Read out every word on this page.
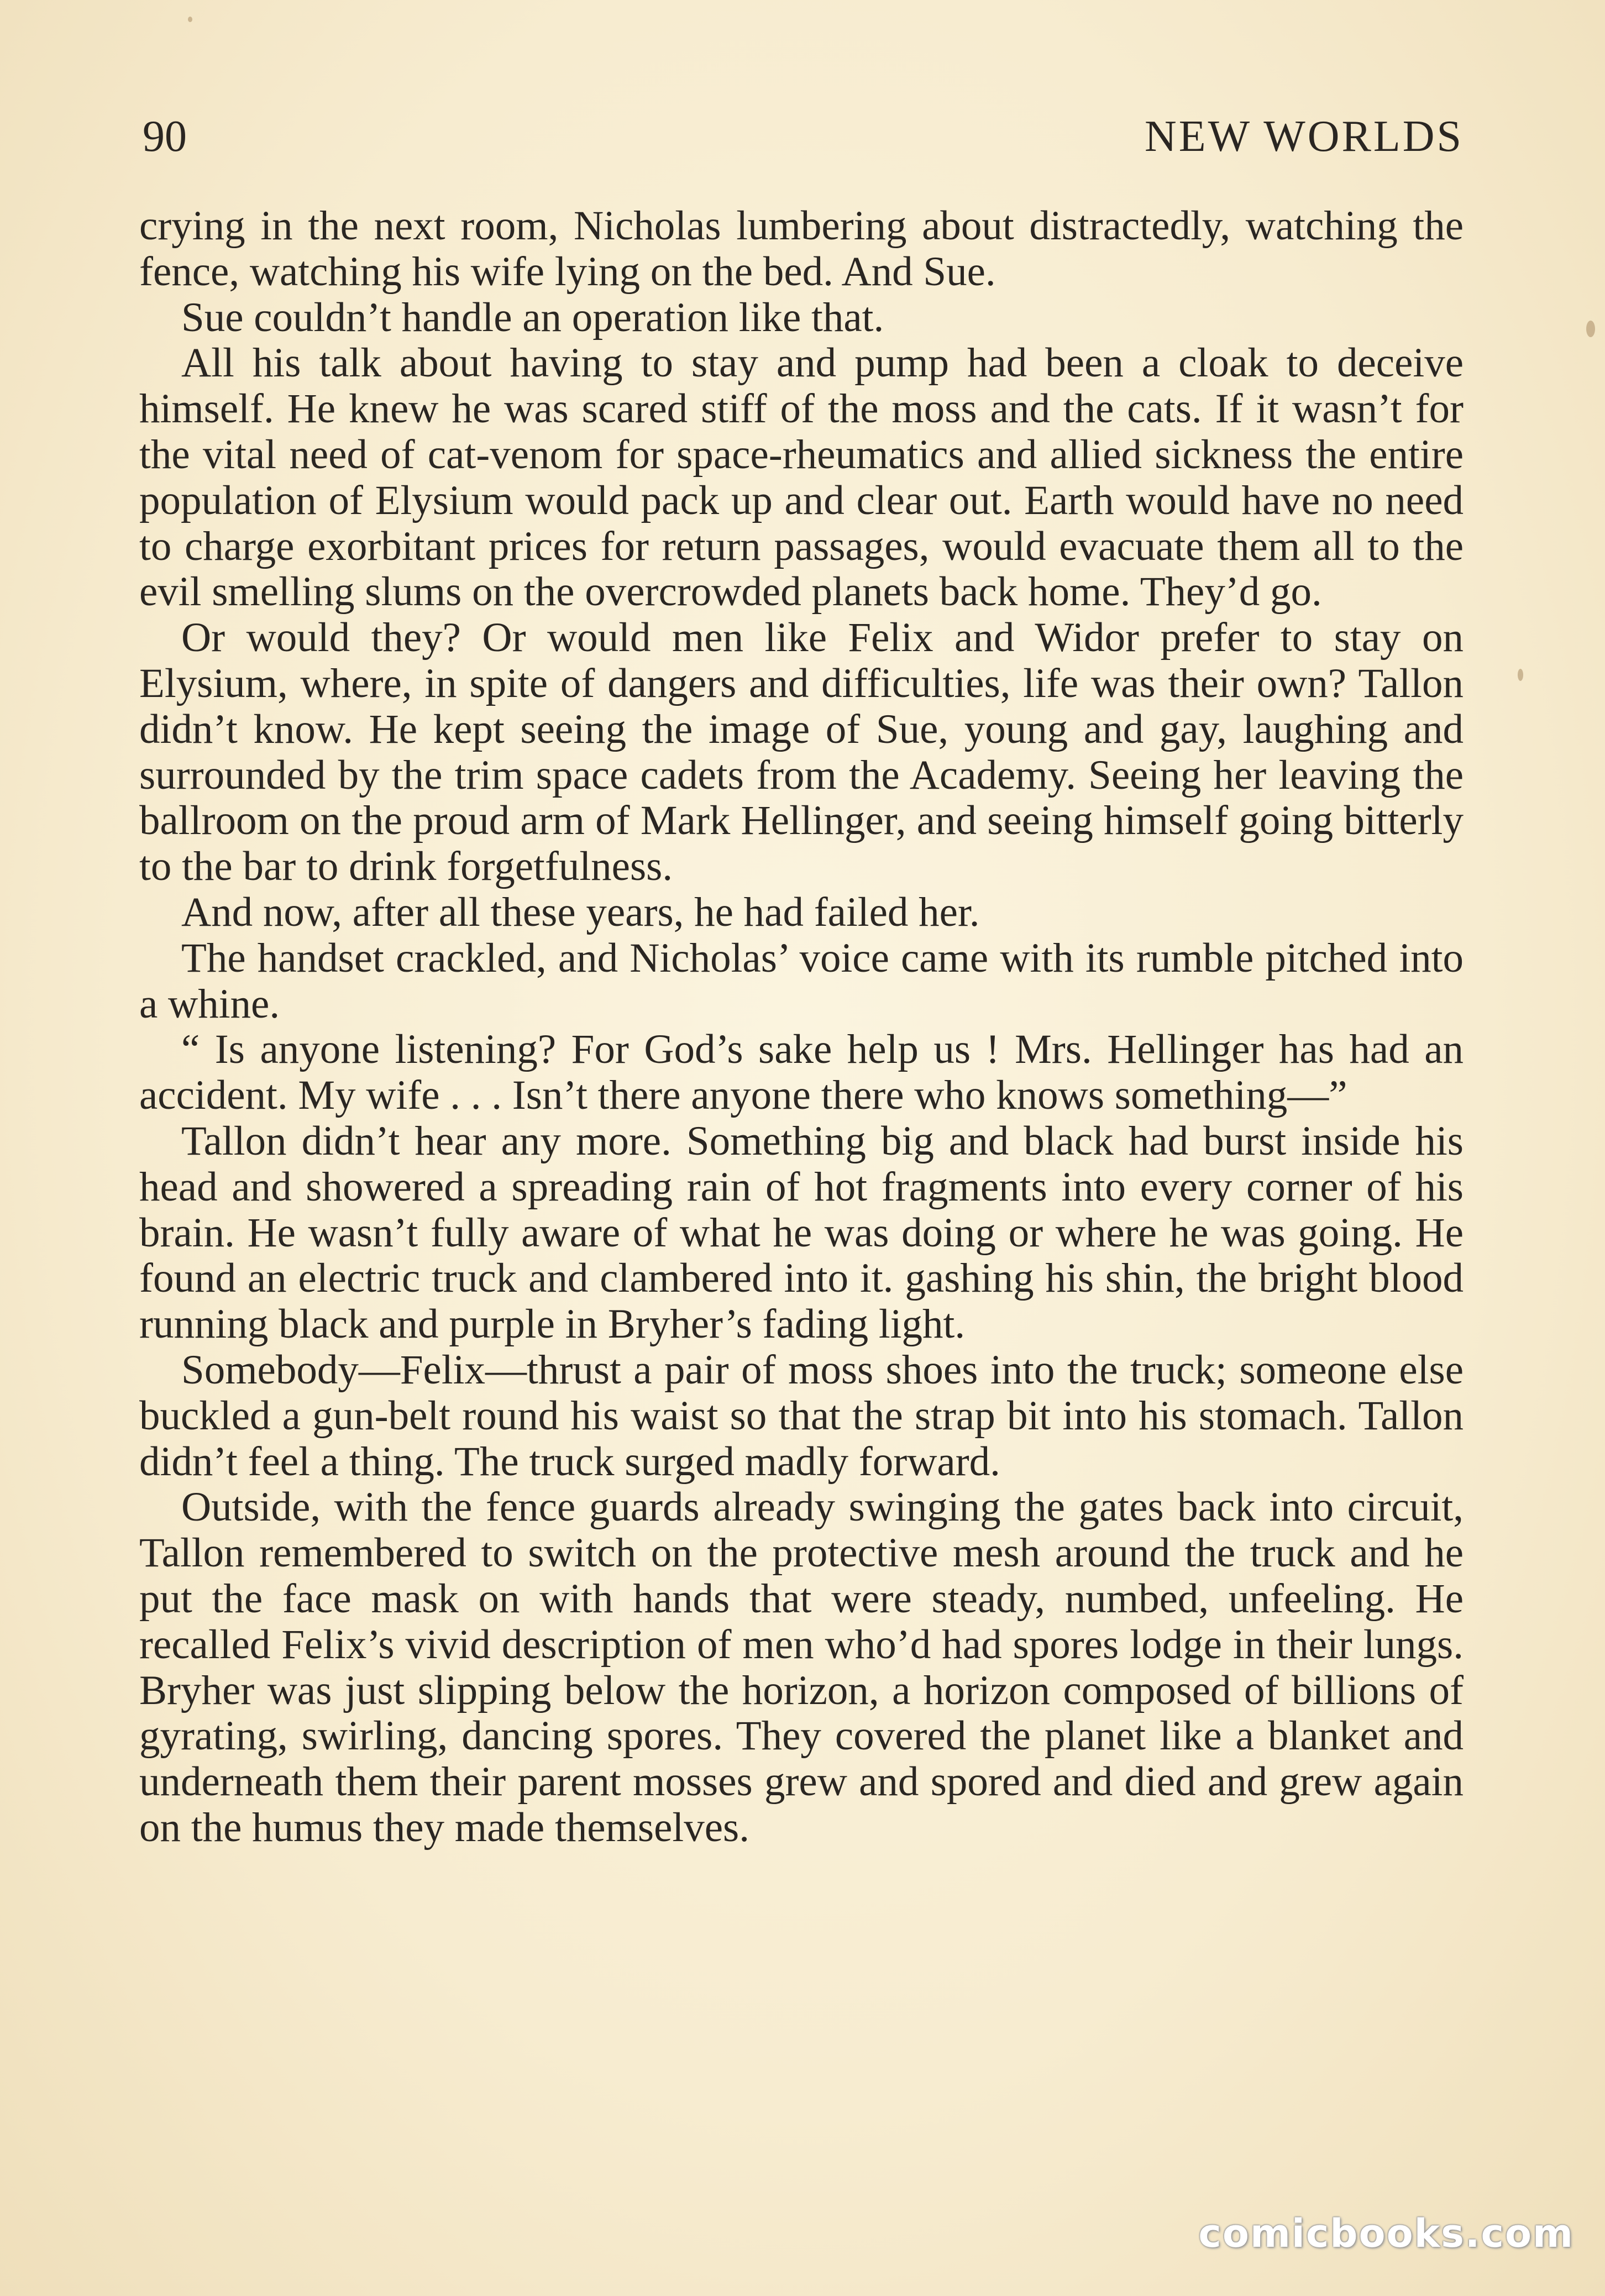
90	NEW WORLDS

crying in the next room, Nicholas lumbering about distractedly, watching the fence, watching his wife lying on the bed. And Sue.

Sue couldn’t handle an operation like that.

All his talk about having to stay and pump had been a cloak to deceive himself. He knew he was scared stiff of the moss and the cats. If it wasn’t for the vital need of cat-venom for space-rheumatics and allied sickness the entire population of Elysium would pack up and clear out. Earth would have no need to charge exorbitant prices for return passages, would evacuate them all to the evil smelling slums on the overcrowded planets back home. They’d go.

Or would they? Or would men like Felix and Widor prefer to stay on Elysium, where, in spite of dangers and difficulties, life was their own? Tallon didn’t know. He kept seeing the image of Sue, young and gay, laughing and surrounded by the trim space cadets from the Academy. Seeing her leaving the ballroom on the proud arm of Mark Hellinger, and seeing himself going bitterly to the bar to drink forgetfulness.

And now, after all these years, he had failed her.

The handset crackled, and Nicholas’ voice came with its rumble pitched into a whine.

“ Is anyone listening? For God’s sake help us ! Mrs. Hellinger has had an accident. My wife . . . Isn’t there anyone there who knows something—”

Tallon didn’t hear any more. Something big and black had burst inside his head and showered a spreading rain of hot fragments into every corner of his brain. He wasn’t fully aware of what he was doing or where he was going. He found an electric truck and clambered into it. gashing his shin, the bright blood running black and purple in Bryher’s fading light.

Somebody—Felix—thrust a pair of moss shoes into the truck; someone else buckled a gun-belt round his waist so that the strap bit into his stomach. Tallon didn’t feel a thing. The truck surged madly forward.

Outside, with the fence guards already swinging the gates back into circuit, Tallon remembered to switch on the protective mesh around the truck and he put the face mask on with hands that were steady, numbed, unfeeling. He recalled Felix’s vivid description of men who’d had spores lodge in their lungs. Bryher was just slipping below the horizon, a horizon composed of billions of gyrating, swirling, dancing spores. They covered the planet like a blanket and underneath them their parent mosses grew and spored and died and grew again on the humus they made themselves.

comicbooks.com
